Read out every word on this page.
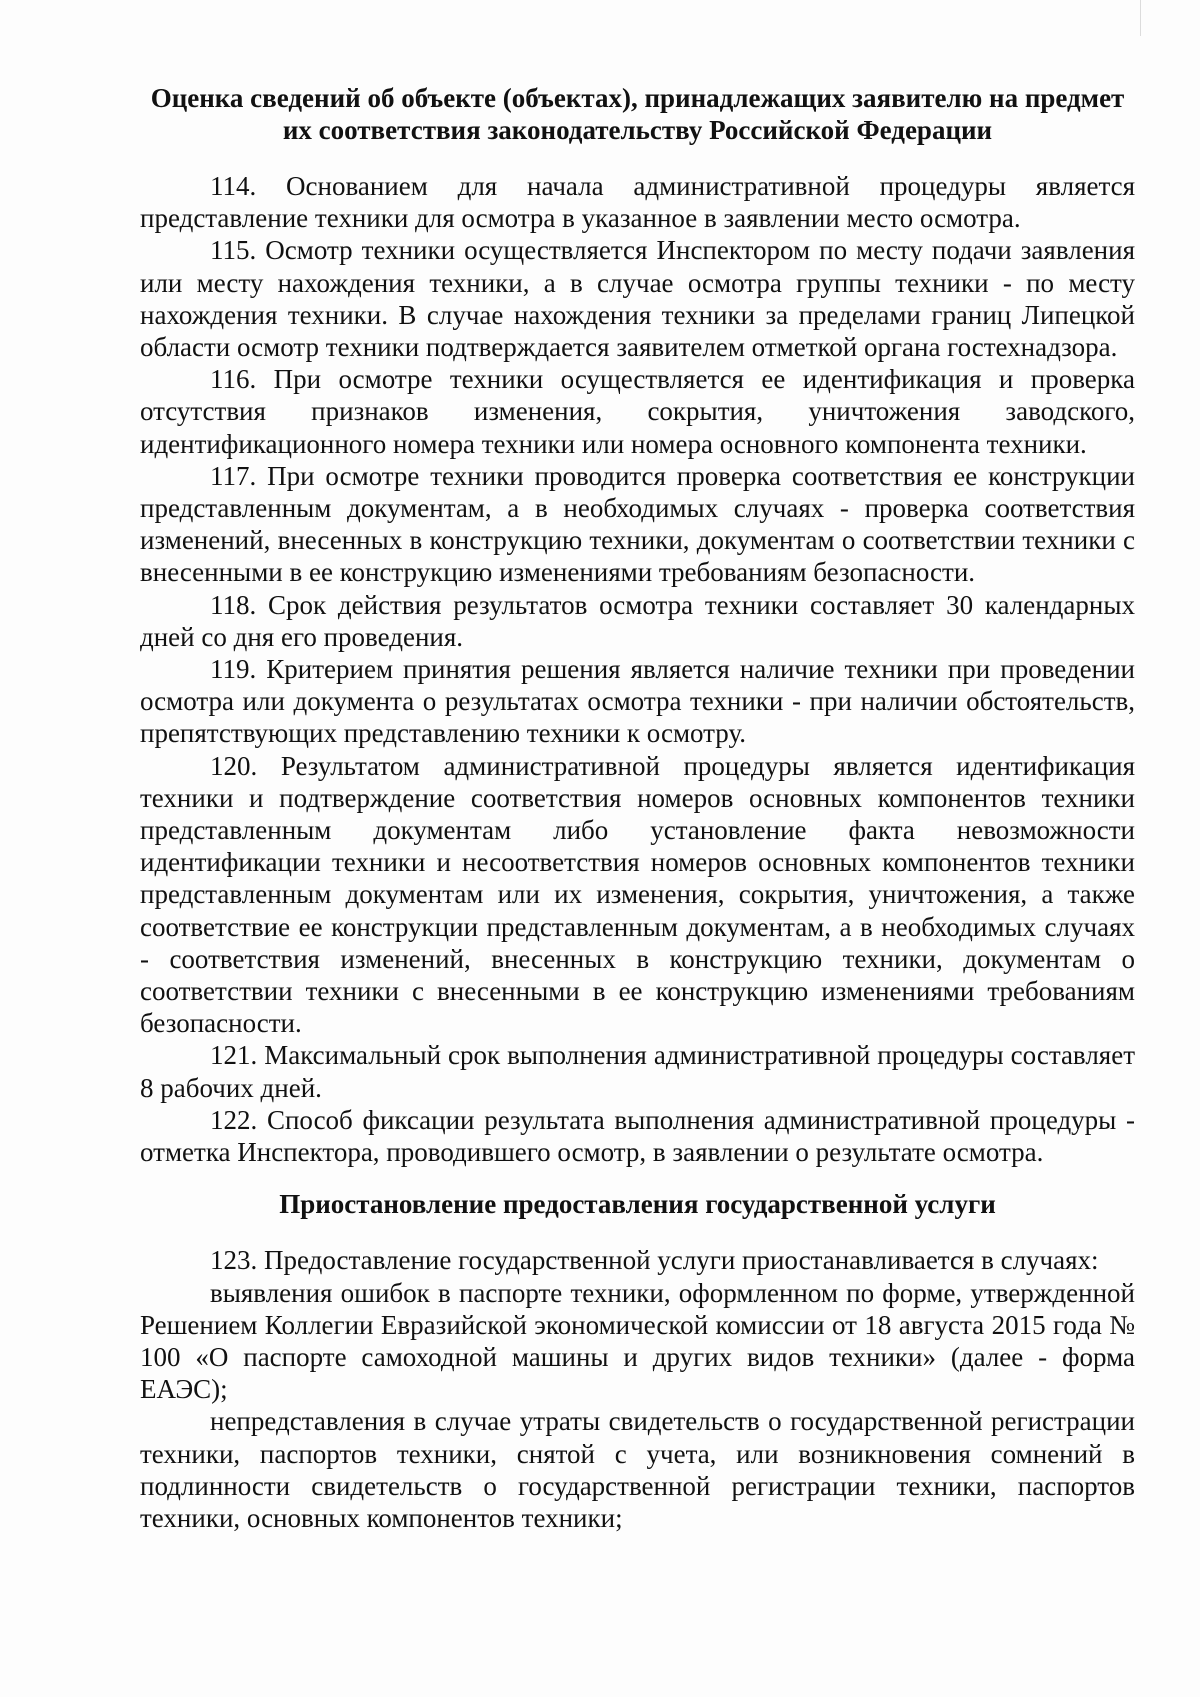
Оценка сведений об объекте (объектах), принадлежащих заявителю на предмет их соответствия законодательству Российской Федерации

114. Основанием для начала административной процедуры является представление техники для осмотра в указанное в заявлении место осмотра.

115. Осмотр техники осуществляется Инспектором по месту подачи заявления или месту нахождения техники, а в случае осмотра группы техники - по месту нахождения техники. В случае нахождения техники за пределами границ Липецкой области осмотр техники подтверждается заявителем отметкой органа гостехнадзора.

116. При осмотре техники осуществляется ее идентификация и проверка отсутствия признаков изменения, сокрытия, уничтожения заводского, идентификационного номера техники или номера основного компонента техники.

117. При осмотре техники проводится проверка соответствия ее конструкции представленным документам, а в необходимых случаях - проверка соответствия изменений, внесенных в конструкцию техники, документам о соответствии техники с внесенными в ее конструкцию изменениями требованиям безопасности.

118. Срок действия результатов осмотра техники составляет 30 календарных дней со дня его проведения.

119. Критерием принятия решения является наличие техники при проведении осмотра или документа о результатах осмотра техники - при наличии обстоятельств, препятствующих представлению техники к осмотру.

120. Результатом административной процедуры является идентификация техники и подтверждение соответствия номеров основных компонентов техники представленным документам либо установление факта невозможности идентификации техники и несоответствия номеров основных компонентов техники представленным документам или их изменения, сокрытия, уничтожения, а также соответствие ее конструкции представленным документам, а в необходимых случаях - соответствия изменений, внесенных в конструкцию техники, документам о соответствии техники с внесенными в ее конструкцию изменениями требованиям безопасности.

121. Максимальный срок выполнения административной процедуры составляет 8 рабочих дней.

122. Способ фиксации результата выполнения административной процедуры - отметка Инспектора, проводившего осмотр, в заявлении о результате осмотра.

Приостановление предоставления государственной услуги

123. Предоставление государственной услуги приостанавливается в случаях:

выявления ошибок в паспорте техники, оформленном по форме, утвержденной Решением Коллегии Евразийской экономической комиссии от 18 августа 2015 года № 100 «О паспорте самоходной машины и других видов техники» (далее - форма ЕАЭС);

непредставления в случае утраты свидетельств о государственной регистрации техники, паспортов техники, снятой с учета, или возникновения сомнений в подлинности свидетельств о государственной регистрации техники, паспортов техники, основных компонентов техники;
